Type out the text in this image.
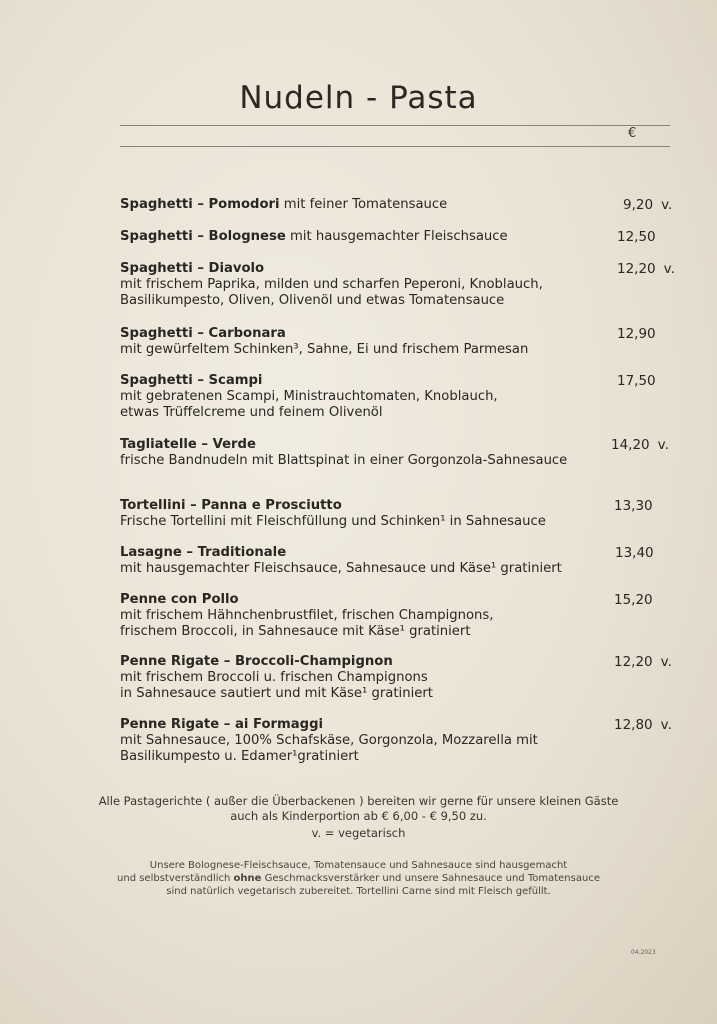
Nudeln - Pasta
€
Spaghetti – Pomodori mit feiner Tomatensauce	9,20 v.
Spaghetti – Bolognese mit hausgemachter Fleischsauce	12,50
Spaghetti – Diavolo
mit frischem Paprika, milden und scharfen Peperoni, Knoblauch,
Basilikumpesto, Oliven, Olivenöl und etwas Tomatensauce
12,20 v.
Spaghetti – Carbonara
mit gewürfeltem Schinken³, Sahne, Ei und frischem Parmesan
12,90
Spaghetti – Scampi
mit gebratenen Scampi, Ministrauchtomaten, Knoblauch,
etwas Trüffelcreme und feinem Olivenöl
17,50
Tagliatelle – Verde
frische Bandnudeln mit Blattspinat in einer Gorgonzola-Sahnesauce
14,20 v.
Tortellini – Panna e Prosciutto
Frische Tortellini mit Fleischfüllung und Schinken¹ in Sahnesauce
13,30
Lasagne – Traditionale
mit hausgemachter Fleischsauce, Sahnesauce und Käse¹ gratiniert
13,40
Penne con Pollo
mit frischem Hähnchenbrustfilet, frischen Champignons,
frischem Broccoli, in Sahnesauce mit Käse¹ gratiniert
15,20
Penne Rigate – Broccoli-Champignon
mit frischem Broccoli u. frischen Champignons
in Sahnesauce sautiert und mit Käse¹ gratiniert
12,20 v.
Penne Rigate – ai Formaggi
mit Sahnesauce, 100% Schafskäse, Gorgonzola, Mozzarella mit
Basilikumpesto u. Edamer¹gratiniert
12,80 v.
Alle Pastagerichte ( außer die Überbackenen ) bereiten wir gerne für unsere kleinen Gäste
auch als Kinderportion ab € 6,00 - € 9,50 zu.
v. = vegetarisch
Unsere Bolognese-Fleischsauce, Tomatensauce und Sahnesauce sind hausgemacht
und selbstverständlich ohne Geschmacksverstärker und unsere Sahnesauce und Tomatensauce
sind natürlich vegetarisch zubereitet. Tortellini Carne sind mit Fleisch gefüllt.
04.2023
